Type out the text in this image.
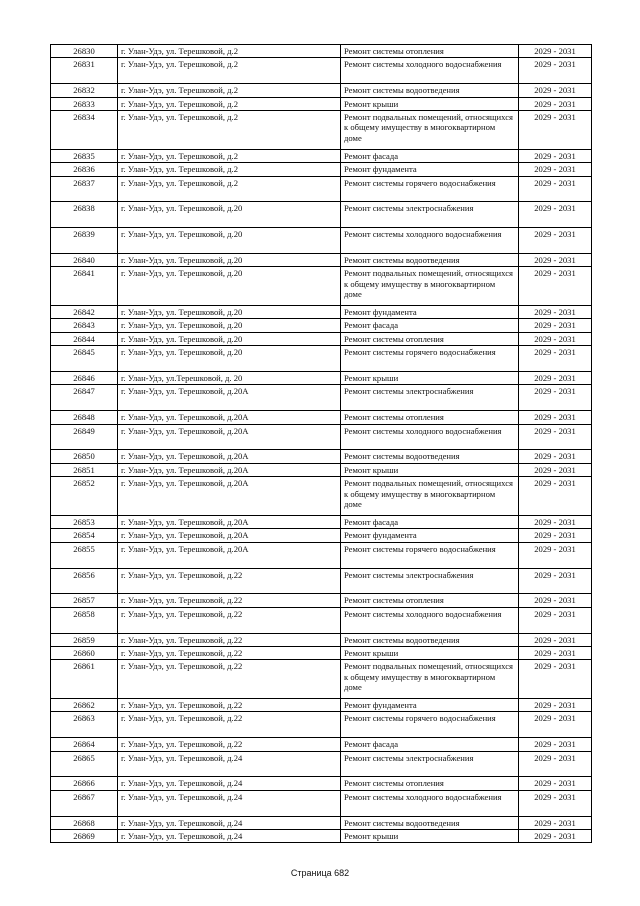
26830	г. Улан-Удэ, ул. Терешковой, д.2	Ремонт системы отопления	2029 - 2031
26831	г. Улан-Удэ, ул. Терешковой, д.2	Ремонт системы холодного водоснабжения	2029 - 2031
26832	г. Улан-Удэ, ул. Терешковой, д.2	Ремонт системы водоотведения	2029 - 2031
26833	г. Улан-Удэ, ул. Терешковой, д.2	Ремонт крыши	2029 - 2031
26834	г. Улан-Удэ, ул. Терешковой, д.2	Ремонт подвальных помещений, относящихся к общему имуществу в многоквартирном доме	2029 - 2031
26835	г. Улан-Удэ, ул. Терешковой, д.2	Ремонт фасада	2029 - 2031
26836	г. Улан-Удэ, ул. Терешковой, д.2	Ремонт фундамента	2029 - 2031
26837	г. Улан-Удэ, ул. Терешковой, д.2	Ремонт системы горячего водоснабжения	2029 - 2031
26838	г. Улан-Удэ, ул. Терешковой, д.20	Ремонт системы электроснабжения	2029 - 2031
26839	г. Улан-Удэ, ул. Терешковой, д.20	Ремонт системы холодного водоснабжения	2029 - 2031
26840	г. Улан-Удэ, ул. Терешковой, д.20	Ремонт системы водоотведения	2029 - 2031
26841	г. Улан-Удэ, ул. Терешковой, д.20	Ремонт подвальных помещений, относящихся к общему имуществу в многоквартирном доме	2029 - 2031
26842	г. Улан-Удэ, ул. Терешковой, д.20	Ремонт фундамента	2029 - 2031
26843	г. Улан-Удэ, ул. Терешковой, д.20	Ремонт фасада	2029 - 2031
26844	г. Улан-Удэ, ул. Терешковой, д.20	Ремонт системы отопления	2029 - 2031
26845	г. Улан-Удэ, ул. Терешковой, д.20	Ремонт системы горячего водоснабжения	2029 - 2031
26846	г. Улан-Удэ, ул.Терешковой, д. 20	Ремонт крыши	2029 - 2031
26847	г. Улан-Удэ, ул. Терешковой, д.20А	Ремонт системы электроснабжения	2029 - 2031
26848	г. Улан-Удэ, ул. Терешковой, д.20А	Ремонт системы отопления	2029 - 2031
26849	г. Улан-Удэ, ул. Терешковой, д.20А	Ремонт системы холодного водоснабжения	2029 - 2031
26850	г. Улан-Удэ, ул. Терешковой, д.20А	Ремонт системы водоотведения	2029 - 2031
26851	г. Улан-Удэ, ул. Терешковой, д.20А	Ремонт крыши	2029 - 2031
26852	г. Улан-Удэ, ул. Терешковой, д.20А	Ремонт подвальных помещений, относящихся к общему имуществу в многоквартирном доме	2029 - 2031
26853	г. Улан-Удэ, ул. Терешковой, д.20А	Ремонт фасада	2029 - 2031
26854	г. Улан-Удэ, ул. Терешковой, д.20А	Ремонт фундамента	2029 - 2031
26855	г. Улан-Удэ, ул. Терешковой, д.20А	Ремонт системы горячего водоснабжения	2029 - 2031
26856	г. Улан-Удэ, ул. Терешковой, д.22	Ремонт системы электроснабжения	2029 - 2031
26857	г. Улан-Удэ, ул. Терешковой, д.22	Ремонт системы отопления	2029 - 2031
26858	г. Улан-Удэ, ул. Терешковой, д.22	Ремонт системы холодного водоснабжения	2029 - 2031
26859	г. Улан-Удэ, ул. Терешковой, д.22	Ремонт системы водоотведения	2029 - 2031
26860	г. Улан-Удэ, ул. Терешковой, д.22	Ремонт крыши	2029 - 2031
26861	г. Улан-Удэ, ул. Терешковой, д.22	Ремонт подвальных помещений, относящихся к общему имуществу в многоквартирном доме	2029 - 2031
26862	г. Улан-Удэ, ул. Терешковой, д.22	Ремонт фундамента	2029 - 2031
26863	г. Улан-Удэ, ул. Терешковой, д.22	Ремонт системы горячего водоснабжения	2029 - 2031
26864	г. Улан-Удэ, ул. Терешковой, д.22	Ремонт фасада	2029 - 2031
26865	г. Улан-Удэ, ул. Терешковой, д.24	Ремонт системы электроснабжения	2029 - 2031
26866	г. Улан-Удэ, ул. Терешковой, д.24	Ремонт системы отопления	2029 - 2031
26867	г. Улан-Удэ, ул. Терешковой, д.24	Ремонт системы холодного водоснабжения	2029 - 2031
26868	г. Улан-Удэ, ул. Терешковой, д.24	Ремонт системы водоотведения	2029 - 2031
26869	г. Улан-Удэ, ул. Терешковой, д.24	Ремонт крыши	2029 - 2031
Страница 682
